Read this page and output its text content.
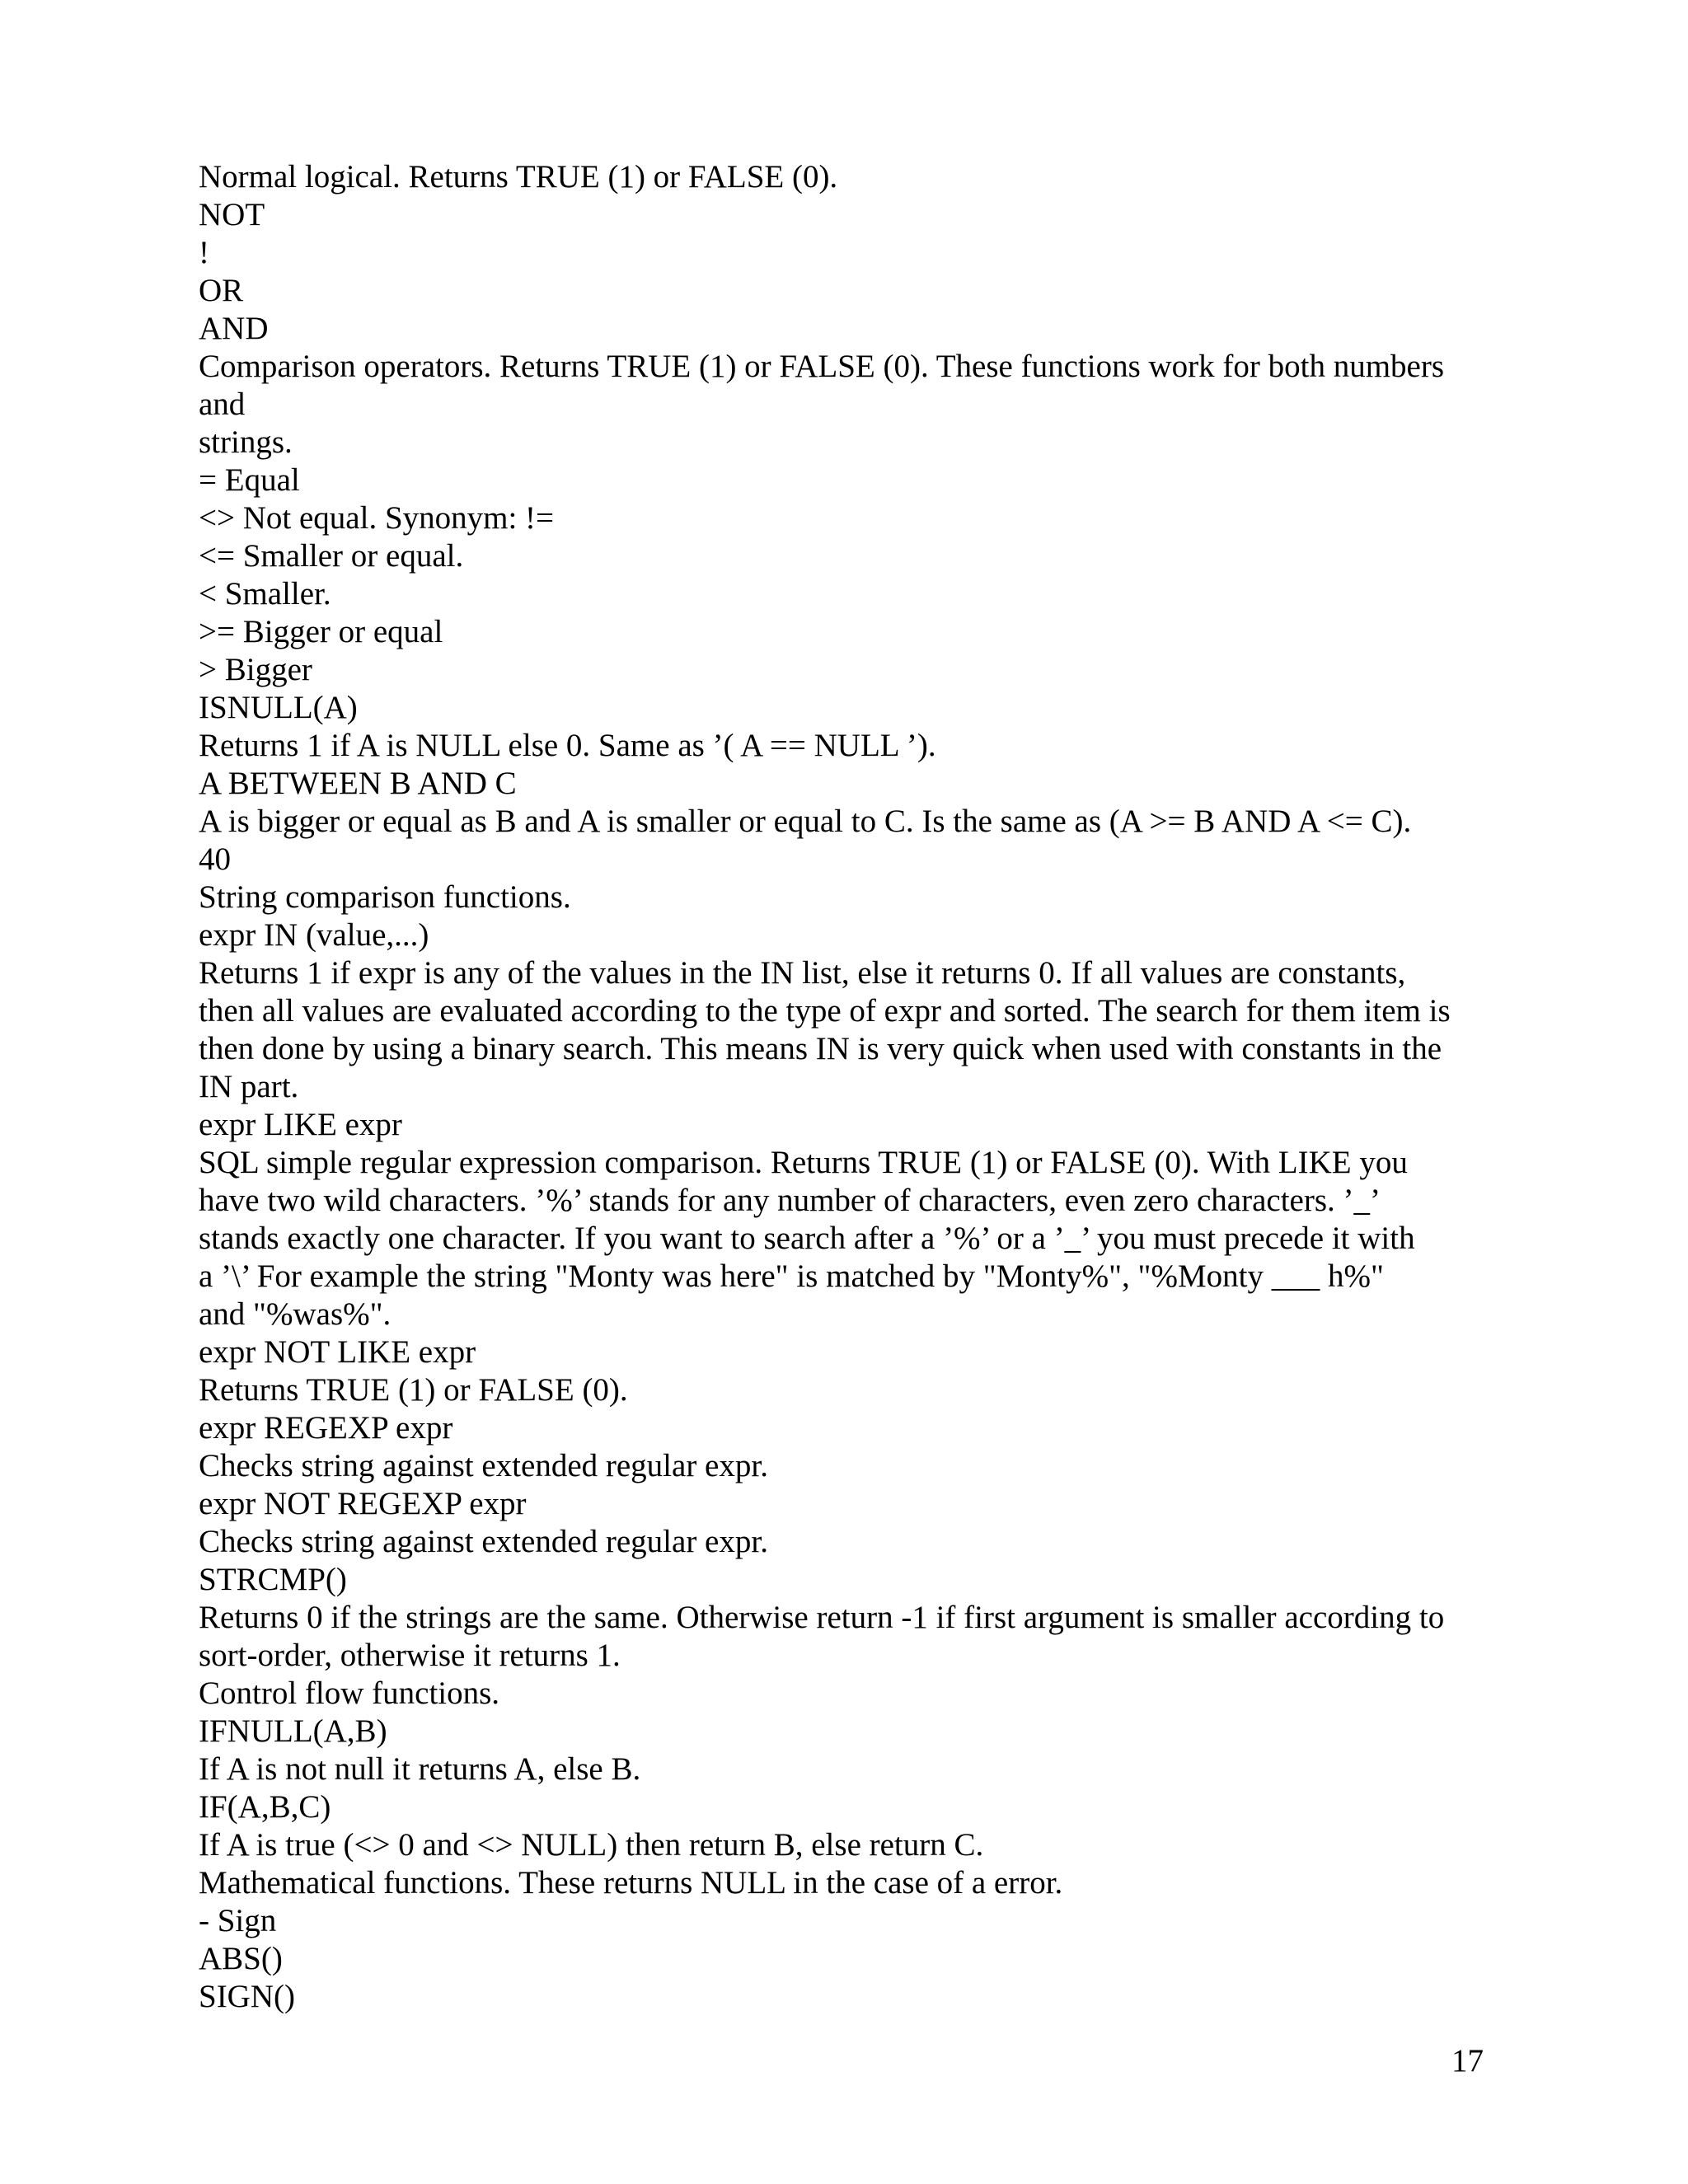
Normal logical. Returns TRUE (1) or FALSE (0).
NOT
!
OR
AND
Comparison operators. Returns TRUE (1) or FALSE (0). These functions work for both numbers
and
strings.
= Equal
<> Not equal. Synonym: !=
<= Smaller or equal.
< Smaller.
>= Bigger or equal
> Bigger
ISNULL(A)
Returns 1 if A is NULL else 0. Same as ’( A == NULL ’).
A BETWEEN B AND C
A is bigger or equal as B and A is smaller or equal to C. Is the same as (A >= B AND A <= C).
40
String comparison functions.
expr IN (value,...)
Returns 1 if expr is any of the values in the IN list, else it returns 0. If all values are constants,
then all values are evaluated according to the type of expr and sorted. The search for them item is
then done by using a binary search. This means IN is very quick when used with constants in the
IN part.
expr LIKE expr
SQL simple regular expression comparison. Returns TRUE (1) or FALSE (0). With LIKE you
have two wild characters. ’%’ stands for any number of characters, even zero characters. ’_’
stands exactly one character. If you want to search after a ’%’ or a ’_’ you must precede it with
a ’\’ For example the string "Monty was here" is matched by "Monty%", "%Monty ___ h%"
and "%was%".
expr NOT LIKE expr
Returns TRUE (1) or FALSE (0).
expr REGEXP expr
Checks string against extended regular expr.
expr NOT REGEXP expr
Checks string against extended regular expr.
STRCMP()
Returns 0 if the strings are the same. Otherwise return -1 if first argument is smaller according to
sort-order, otherwise it returns 1.
Control flow functions.
IFNULL(A,B)
If A is not null it returns A, else B.
IF(A,B,C)
If A is true (<> 0 and <> NULL) then return B, else return C.
Mathematical functions. These returns NULL in the case of a error.
- Sign
ABS()
SIGN()
17
